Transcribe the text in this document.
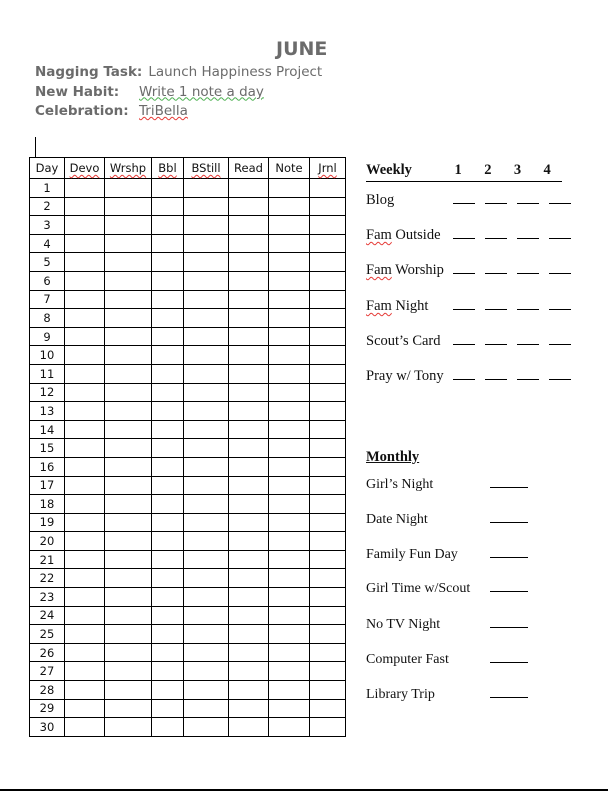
JUNE
Nagging Task: Launch Happiness Project
New Habit:	Write 1 note a day
Celebration: TriBella
Day	Devo	Wrshp	Bbl	BStill	Read	Note	Jrnl
1							
2							
3							
4							
5							
6							
7							
8							
9							
10							
11							
12							
13							
14							
15							
16							
17							
18							
19							
20							
21							
22							
23							
24							
25							
26							
27							
28							
29							
30							
Weekly	1	2	3	4
Blog
Fam Outside
Fam Worship
Fam Night
Scout’s Card
Pray w/ Tony
Monthly
Girl’s Night
Date Night
Family Fun Day
Girl Time w/Scout
No TV Night
Computer Fast
Library Trip
